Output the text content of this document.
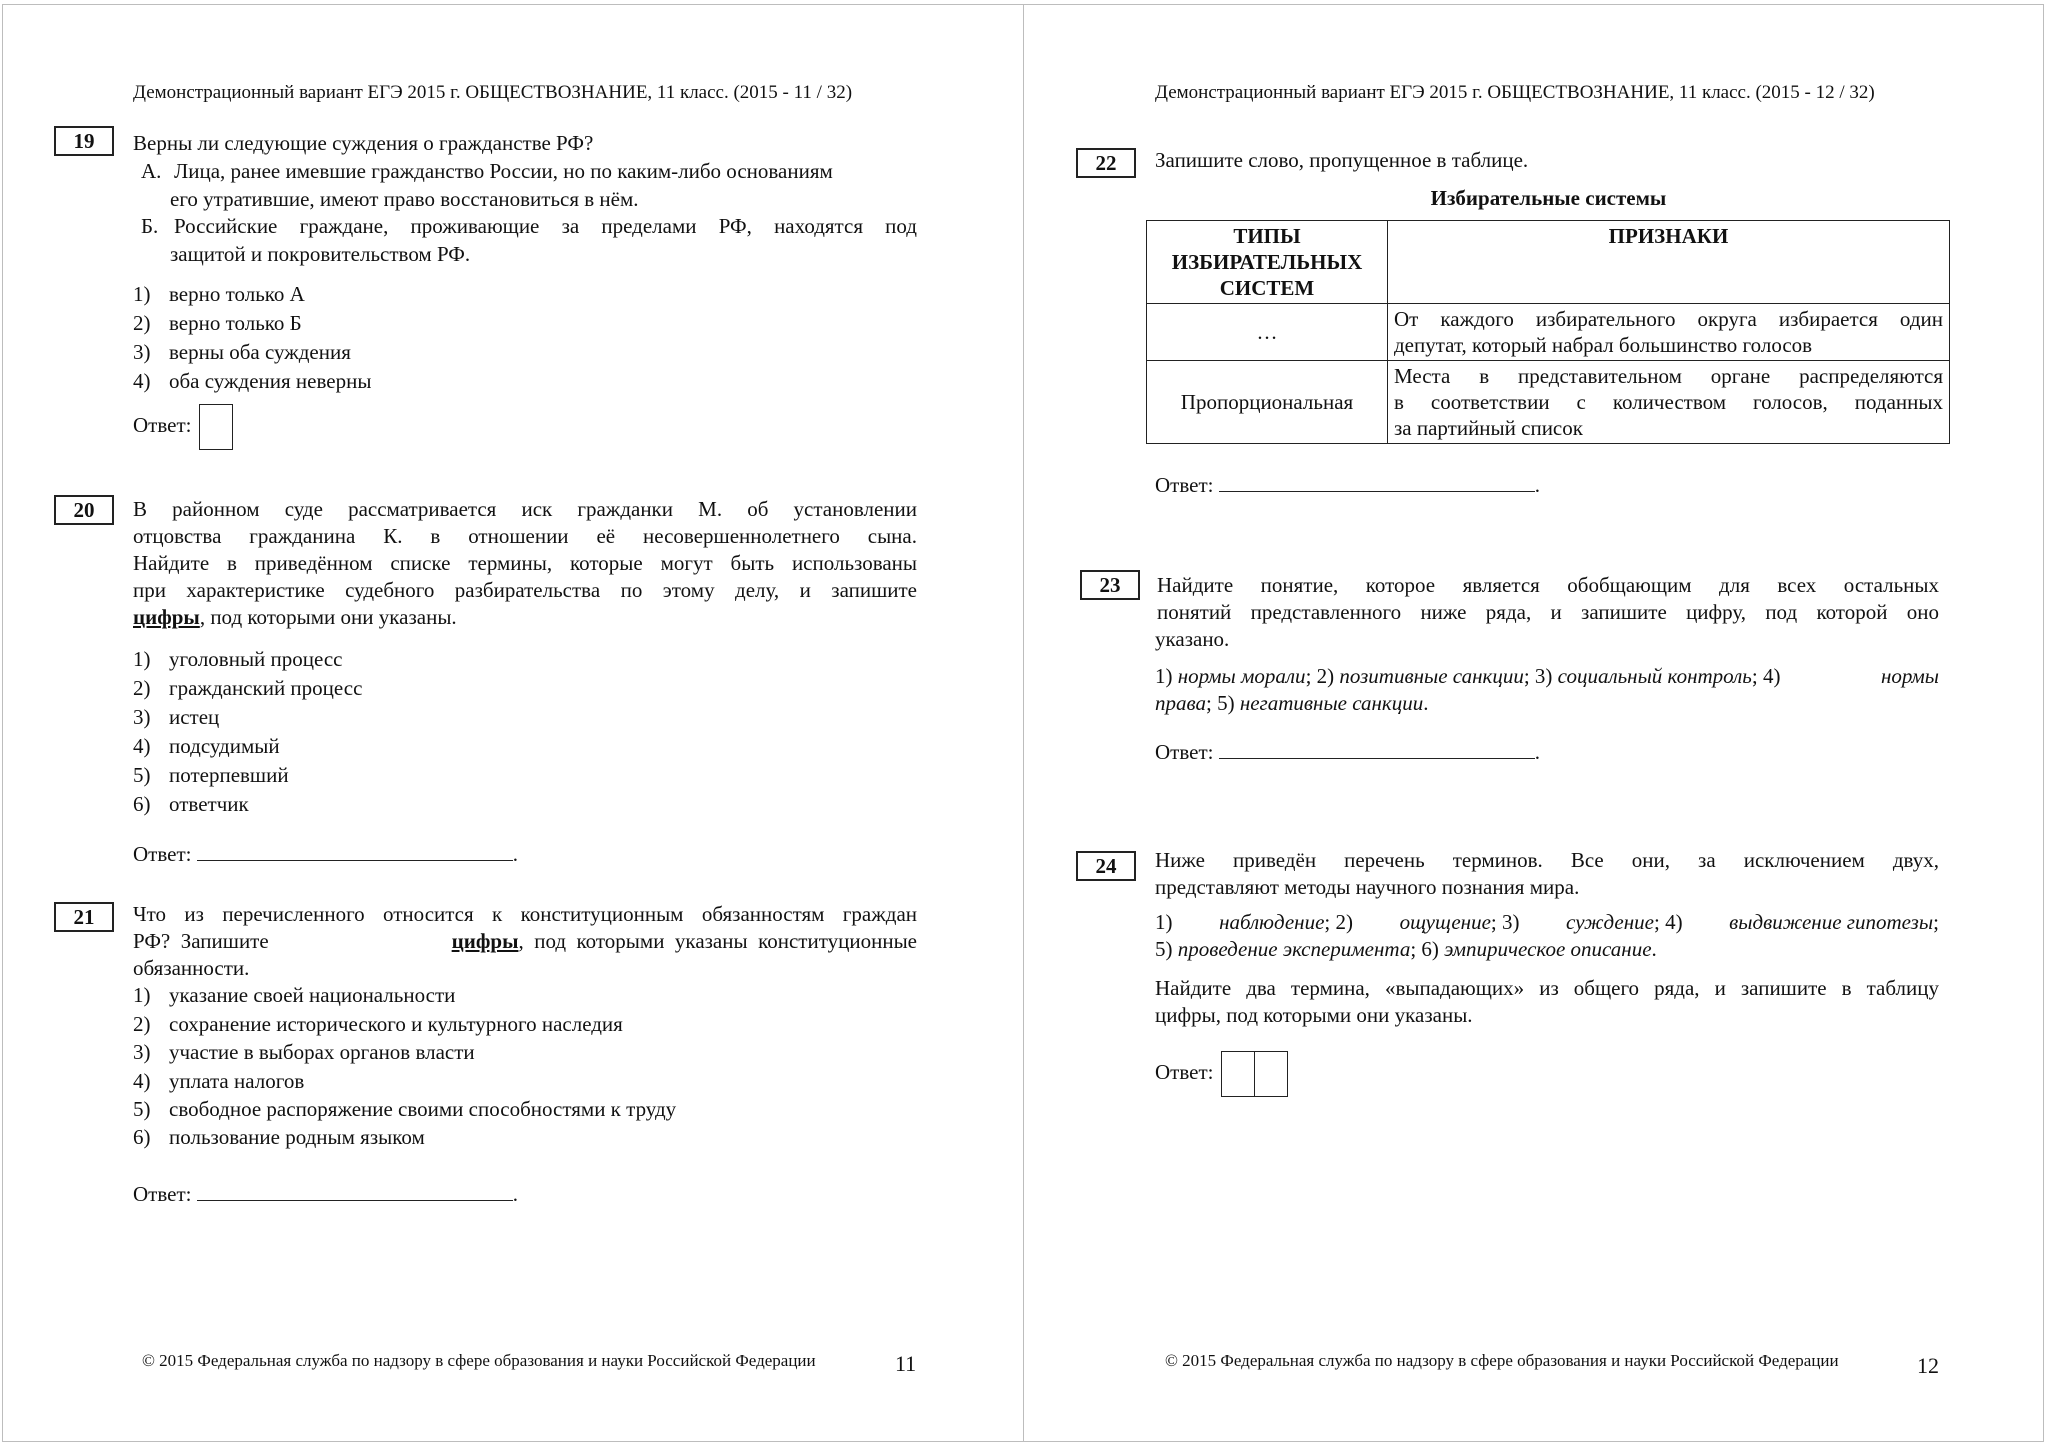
Демонстрационный вариант ЕГЭ 2015 г. ОБЩЕСТВОЗНАНИЕ, 11 класс. (2015 - 11 / 32)
19	Верны ли следующие суждения о гражданстве РФ?
А. Лица, ранее имевшие гражданство России, но по каким-либо основаниям
его утратившие, имеют право восстановиться в нём.
Б. Российские граждане, проживающие за пределами РФ, находятся под
защитой и покровительством РФ.
1) верно только А
2) верно только Б
3) верны оба суждения
4) оба суждения неверны
Ответ:
20	В районном суде рассматривается иск гражданки М. об установлении
отцовства гражданина К. в отношении её несовершеннолетнего сына.
Найдите в приведённом списке термины, которые могут быть использованы
при характеристике судебного разбирательства по этому делу, и запишите
цифры, под которыми они указаны.
1) уголовный процесс
2) гражданский процесс
3) истец
4) подсудимый
5) потерпевший
6) ответчик
Ответ:	.
21	Что из перечисленного относится к конституционным обязанностям граждан
РФ?  Запишите	цифры,  под  которыми  указаны  конституционные
обязанности.
1) указание своей национальности
2) сохранение исторического и культурного наследия
3) участие в выборах органов власти
4) уплата налогов
5) свободное распоряжение своими способностями к труду
6) пользование родным языком
Ответ:	.
© 2015 Федеральная служба по надзору в сфере образования и науки Российской Федерации	11
Демонстрационный вариант ЕГЭ 2015 г. ОБЩЕСТВОЗНАНИЕ, 11 класс. (2015 - 12 / 32)
22	Запишите слово, пропущенное в таблице.
Избирательные системы
ТИПЫ
ИЗБИРАТЕЛЬНЫХ
СИСТЕМ	ПРИЗНАКИ

…	От каждого избирательного округа избирается один
депутат, который набрал большинство голосов

Пропорциональная	Места в представительном органе распределяются
в соответствии с количеством голосов, поданных
за партийный список
Ответ:	.
23	Найдите понятие, которое является обобщающим для всех остальных
понятий представленного ниже ряда, и запишите цифру, под которой оно
указано.
1) нормы морали; 2) позитивные санкции; 3) социальный контроль; 4)	нормы
права; 5) негативные санкции.
Ответ:	.
24	Ниже приведён перечень терминов. Все они, за исключением двух,
представляют методы научного познания мира.
1) наблюдение; 2) ощущение; 3) суждение; 4) выдвижение гипотезы;
5) проведение эксперимента; 6) эмпирическое описание.
Найдите два термина, «выпадающих» из общего ряда, и запишите в таблицу
цифры, под которыми они указаны.
Ответ:
© 2015 Федеральная служба по надзору в сфере образования и науки Российской Федерации	12
